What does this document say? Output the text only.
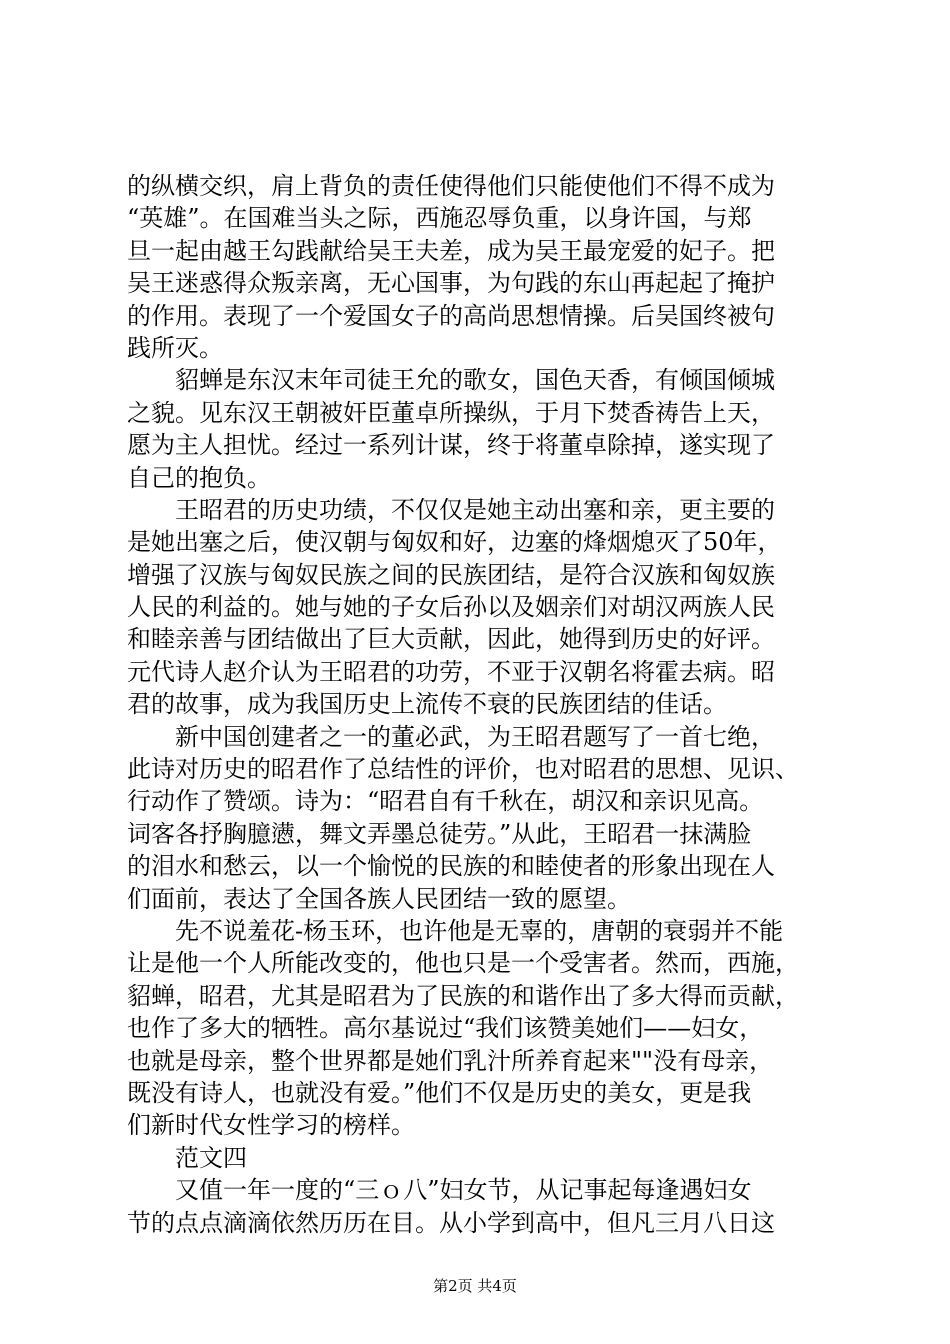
的纵横交织，肩上背负的责任使得他们只能使他们不得不成为
“英雄”。在国难当头之际，西施忍辱负重，以身许国，与郑
旦一起由越王勾践献给吴王夫差，成为吴王最宠爱的妃子。把
吴王迷惑得众叛亲离，无心国事，为句践的东山再起起了掩护
的作用。表现了一个爱国女子的高尚思想情操。后吴国终被句
践所灭。
　　貂蝉是东汉末年司徒王允的歌女，国色天香，有倾国倾城
之貌。见东汉王朝被奸臣董卓所操纵，于月下焚香祷告上天，
愿为主人担忧。经过一系列计谋，终于将董卓除掉，遂实现了
自己的抱负。
　　王昭君的历史功绩，不仅仅是她主动出塞和亲，更主要的
是她出塞之后，使汉朝与匈奴和好，边塞的烽烟熄灭了50年，
增强了汉族与匈奴民族之间的民族团结，是符合汉族和匈奴族
人民的利益的。她与她的子女后孙以及姻亲们对胡汉两族人民
和睦亲善与团结做出了巨大贡献，因此，她得到历史的好评。
元代诗人赵介认为王昭君的功劳，不亚于汉朝名将霍去病。昭
君的故事，成为我国历史上流传不衰的民族团结的佳话。
　　新中国创建者之一的董必武，为王昭君题写了一首七绝，
此诗对历史的昭君作了总结性的评价，也对昭君的思想、见识、
行动作了赞颂。诗为：“昭君自有千秋在，胡汉和亲识见高。
词客各抒胸臆懑，舞文弄墨总徒劳。”从此，王昭君一抹满脸
的泪水和愁云，以一个愉悦的民族的和睦使者的形象出现在人
们面前，表达了全国各族人民团结一致的愿望。
　　先不说羞花-杨玉环，也许他是无辜的，唐朝的衰弱并不能
让是他一个人所能改变的，他也只是一个受害者。然而，西施，
貂蝉，昭君，尤其是昭君为了民族的和谐作出了多大得而贡献，
也作了多大的牺牲。高尔基说过“我们该赞美她们——妇女，
也就是母亲，整个世界都是她们乳汁所养育起来""没有母亲，
既没有诗人，也就没有爱。”他们不仅是历史的美女，更是我
们新时代女性学习的榜样。
　　范文四
　　又值一年一度的“三ｏ八”妇女节，从记事起每逢遇妇女
节的点点滴滴依然历历在目。从小学到高中，但凡三月八日这
第2页 共4页
